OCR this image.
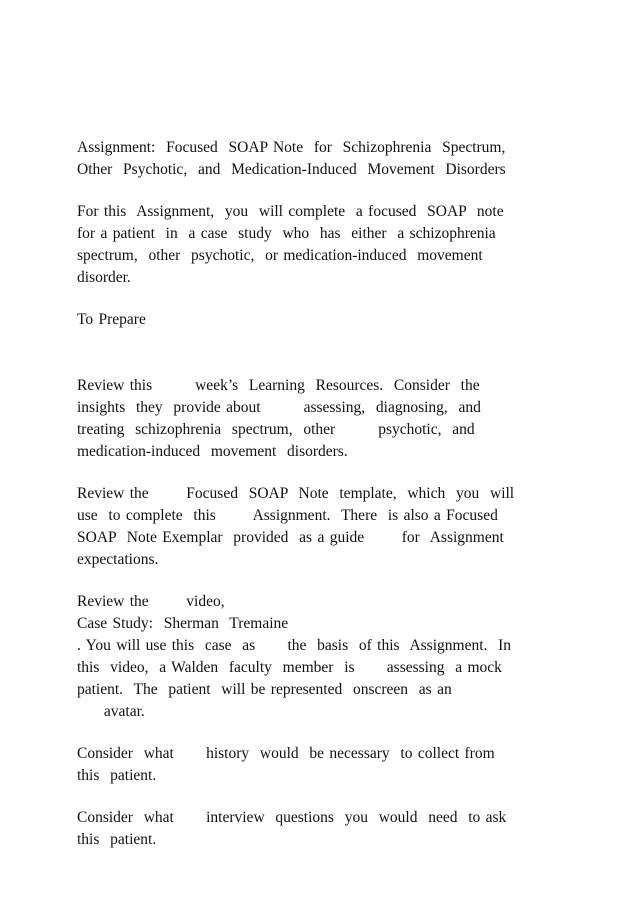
Assignment:  Focused  SOAP Note  for  Schizophrenia  Spectrum,
Other  Psychotic,  and  Medication-Induced  Movement  Disorders
For this  Assignment,  you  will complete  a focused  SOAP  note
for a patient  in  a case  study  who  has  either  a schizophrenia
spectrum,  other  psychotic,  or medication-induced  movement
disorder.
To Prepare
Review this        week’s  Learning  Resources.  Consider  the
insights  they  provide about        assessing,  diagnosing,  and
treating  schizophrenia  spectrum,  other        psychotic,  and
medication-induced  movement  disorders.
Review the       Focused  SOAP  Note  template,  which  you  will
use  to complete  this       Assignment.  There  is also a Focused
SOAP  Note Exemplar  provided  as a guide       for  Assignment
expectations.
Review the       video,
Case Study:  Sherman  Tremaine
. You will use this  case  as      the  basis  of this  Assignment.  In
this  video,  a Walden  faculty  member  is      assessing  a mock
patient.  The  patient  will be represented  onscreen  as an
avatar.
Consider  what      history  would  be necessary  to collect from
this  patient.
Consider  what      interview  questions  you  would  need  to ask
this  patient.
